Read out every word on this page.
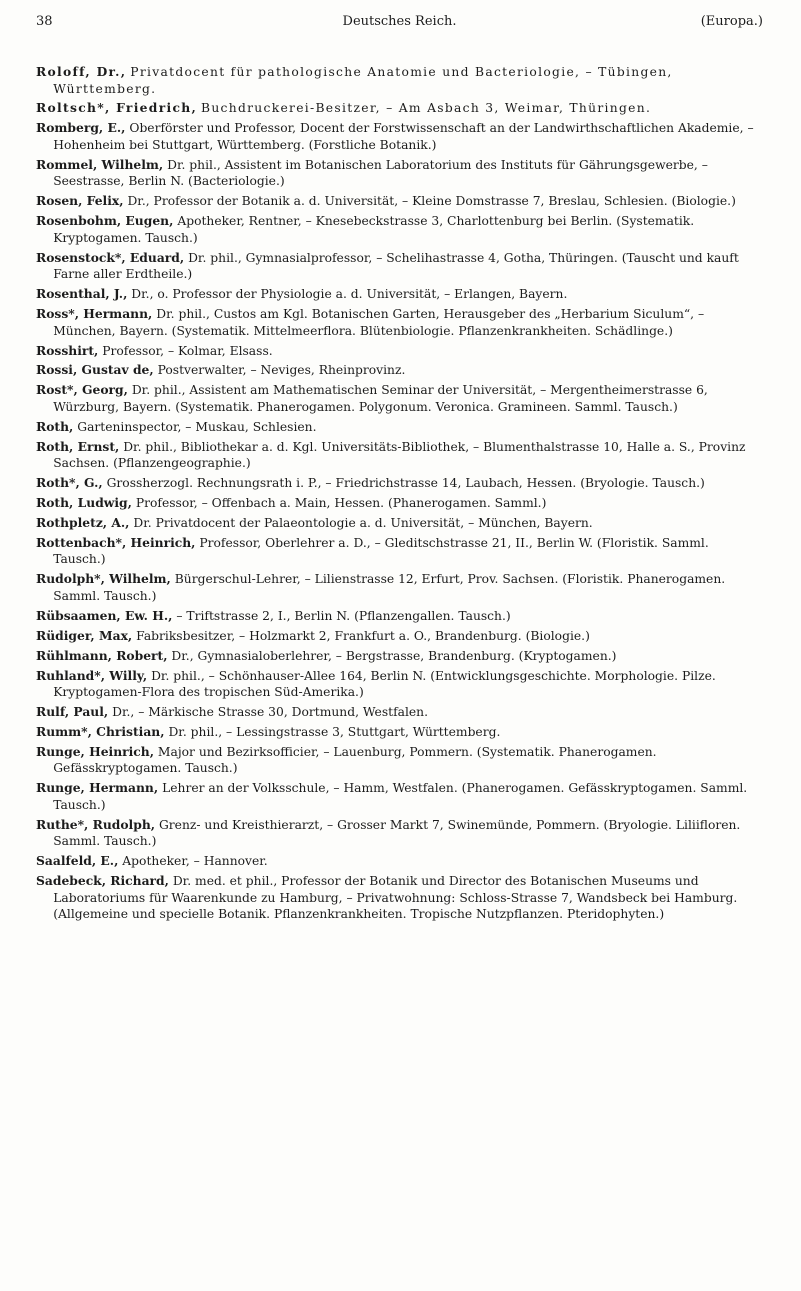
38	Deutsches Reich.	(Europa.)

Roloff, Dr., Privatdocent für pathologische Anatomie und Bacteriologie, – Tübingen, Württemberg.

Roltsch*, Friedrich, Buchdruckerei-Besitzer, – Am Asbach 3, Weimar, Thüringen.

Romberg, E., Oberförster und Professor, Docent der Forstwissenschaft an der Landwirthschaftlichen Akademie, – Hohenheim bei Stuttgart, Württemberg. (Forstliche Botanik.)

Rommel, Wilhelm, Dr. phil., Assistent im Botanischen Laboratorium des Instituts für Gährungsgewerbe, – Seestrasse, Berlin N. (Bacteriologie.)

Rosen, Felix, Dr., Professor der Botanik a. d. Universität, – Kleine Domstrasse 7, Breslau, Schlesien. (Biologie.)

Rosenbohm, Eugen, Apotheker, Rentner, – Knesebeckstrasse 3, Charlottenburg bei Berlin. (Systematik. Kryptogamen. Tausch.)

Rosenstock*, Eduard, Dr. phil., Gymnasialprofessor, – Schelihastrasse 4, Gotha, Thüringen. (Tauscht und kauft Farne aller Erdtheile.)

Rosenthal, J., Dr., o. Professor der Physiologie a. d. Universität, – Erlangen, Bayern.

Ross*, Hermann, Dr. phil., Custos am Kgl. Botanischen Garten, Herausgeber des „Herbarium Siculum“, – München, Bayern. (Systematik. Mittelmeerflora. Blütenbiologie. Pflanzenkrankheiten. Schädlinge.)

Rosshirt, Professor, – Kolmar, Elsass.

Rossi, Gustav de, Postverwalter, – Neviges, Rheinprovinz.

Rost*, Georg, Dr. phil., Assistent am Mathematischen Seminar der Universität, – Mergentheimerstrasse 6, Würzburg, Bayern. (Systematik. Phanerogamen. Polygonum. Veronica. Gramineen. Samml. Tausch.)

Roth, Garteninspector, – Muskau, Schlesien.

Roth, Ernst, Dr. phil., Bibliothekar a. d. Kgl. Universitäts-Bibliothek, – Blumenthalstrasse 10, Halle a. S., Provinz Sachsen. (Pflanzengeographie.)

Roth*, G., Grossherzogl. Rechnungsrath i. P., – Friedrichstrasse 14, Laubach, Hessen. (Bryologie. Tausch.)

Roth, Ludwig, Professor, – Offenbach a. Main, Hessen. (Phanerogamen. Samml.)

Rothpletz, A., Dr. Privatdocent der Palaeontologie a. d. Universität, – München, Bayern.

Rottenbach*, Heinrich, Professor, Oberlehrer a. D., – Gleditschstrasse 21, II., Berlin W. (Floristik. Samml. Tausch.)

Rudolph*, Wilhelm, Bürgerschul-Lehrer, – Lilienstrasse 12, Erfurt, Prov. Sachsen. (Floristik. Phanerogamen. Samml. Tausch.)

Rübsaamen, Ew. H., – Triftstrasse 2, I., Berlin N. (Pflanzengallen. Tausch.)

Rüdiger, Max, Fabriksbesitzer, – Holzmarkt 2, Frankfurt a. O., Brandenburg. (Biologie.)

Rühlmann, Robert, Dr., Gymnasialoberlehrer, – Bergstrasse, Brandenburg. (Kryptogamen.)

Ruhland*, Willy, Dr. phil., – Schönhauser-Allee 164, Berlin N. (Entwicklungsgeschichte. Morphologie. Pilze. Kryptogamen-Flora des tropischen Süd-Amerika.)

Rulf, Paul, Dr., – Märkische Strasse 30, Dortmund, Westfalen.

Rumm*, Christian, Dr. phil., – Lessingstrasse 3, Stuttgart, Württemberg.

Runge, Heinrich, Major und Bezirksofficier, – Lauenburg, Pommern. (Systematik. Phanerogamen. Gefässkryptogamen. Tausch.)

Runge, Hermann, Lehrer an der Volksschule, – Hamm, Westfalen. (Phanerogamen. Gefässkryptogamen. Samml. Tausch.)

Ruthe*, Rudolph, Grenz- und Kreisthierarzt, – Grosser Markt 7, Swinemünde, Pommern. (Bryologie. Liliifloren. Samml. Tausch.)

Saalfeld, E., Apotheker, – Hannover.

Sadebeck, Richard, Dr. med. et phil., Professor der Botanik und Director des Botanischen Museums und Laboratoriums für Waarenkunde zu Hamburg, – Privatwohnung: Schloss-Strasse 7, Wandsbeck bei Hamburg. (Allgemeine und specielle Botanik. Pflanzenkrankheiten. Tropische Nutzpflanzen. Pteridophyten.)
